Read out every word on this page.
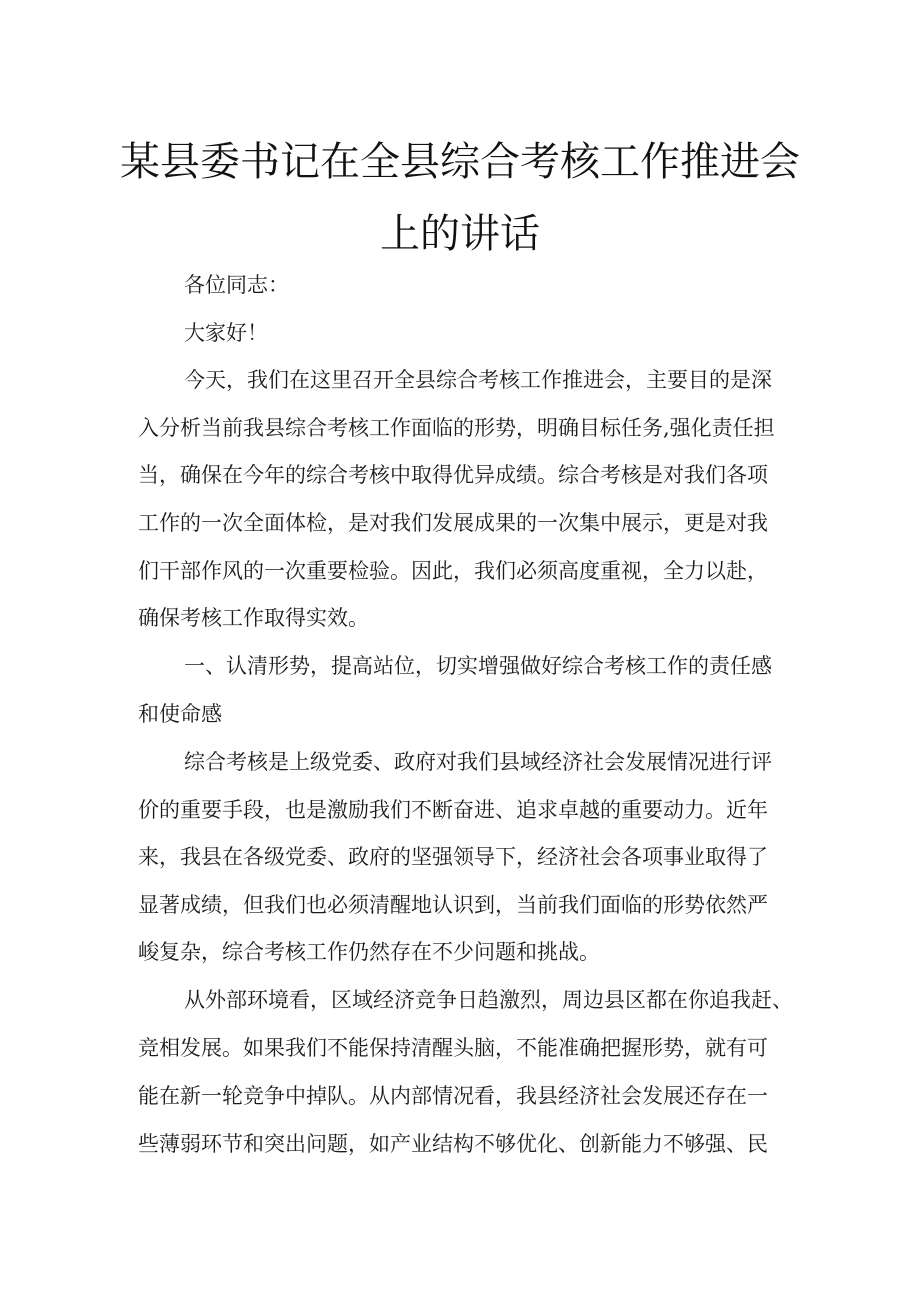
某县委书记在全县综合考核工作推进会
上的讲话

各位同志：

大家好！

今天，我们在这里召开全县综合考核工作推进会，主要目的是深

入分析当前我县综合考核工作面临的形势，明确目标任务,强化责任担

当，确保在今年的综合考核中取得优异成绩。综合考核是对我们各项

工作的一次全面体检，是对我们发展成果的一次集中展示，更是对我

们干部作风的一次重要检验。因此，我们必须高度重视，全力以赴，

确保考核工作取得实效。

一、认清形势，提高站位，切实增强做好综合考核工作的责任感

和使命感

综合考核是上级党委、政府对我们县域经济社会发展情况进行评

价的重要手段，也是激励我们不断奋进、追求卓越的重要动力。近年

来，我县在各级党委、政府的坚强领导下，经济社会各项事业取得了

显著成绩，但我们也必须清醒地认识到，当前我们面临的形势依然严

峻复杂，综合考核工作仍然存在不少问题和挑战。

从外部环境看，区域经济竞争日趋激烈，周边县区都在你追我赶、

竞相发展。如果我们不能保持清醒头脑，不能准确把握形势，就有可

能在新一轮竞争中掉队。从内部情况看，我县经济社会发展还存在一

些薄弱环节和突出问题，如产业结构不够优化、创新能力不够强、民
